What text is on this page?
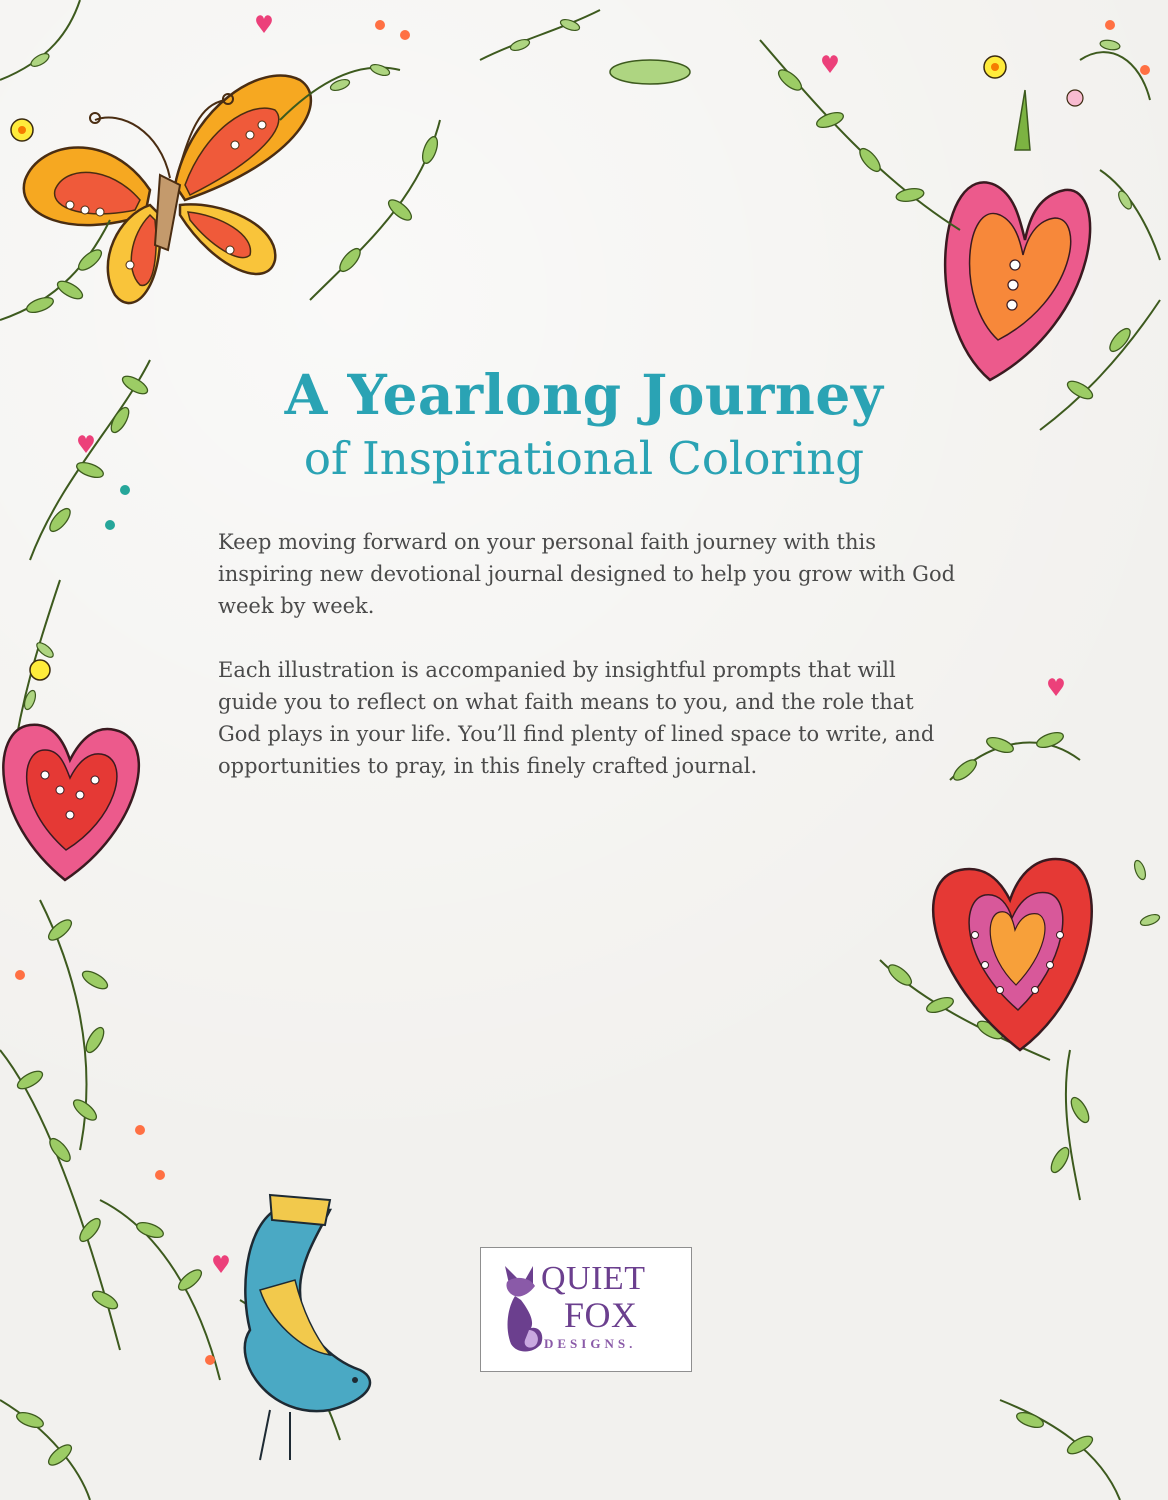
A Yearlong Journey
of Inspirational Coloring

Keep moving forward on your personal faith journey with this inspiring new devotional journal designed to help you grow with God week by week.

Each illustration is accompanied by insightful prompts that will guide you to reflect on what faith means to you, and the role that God plays in your life. You’ll find plenty of lined space to write, and opportunities to pray, in this finely crafted journal.

QUIET
FOX
DESIGNS.
